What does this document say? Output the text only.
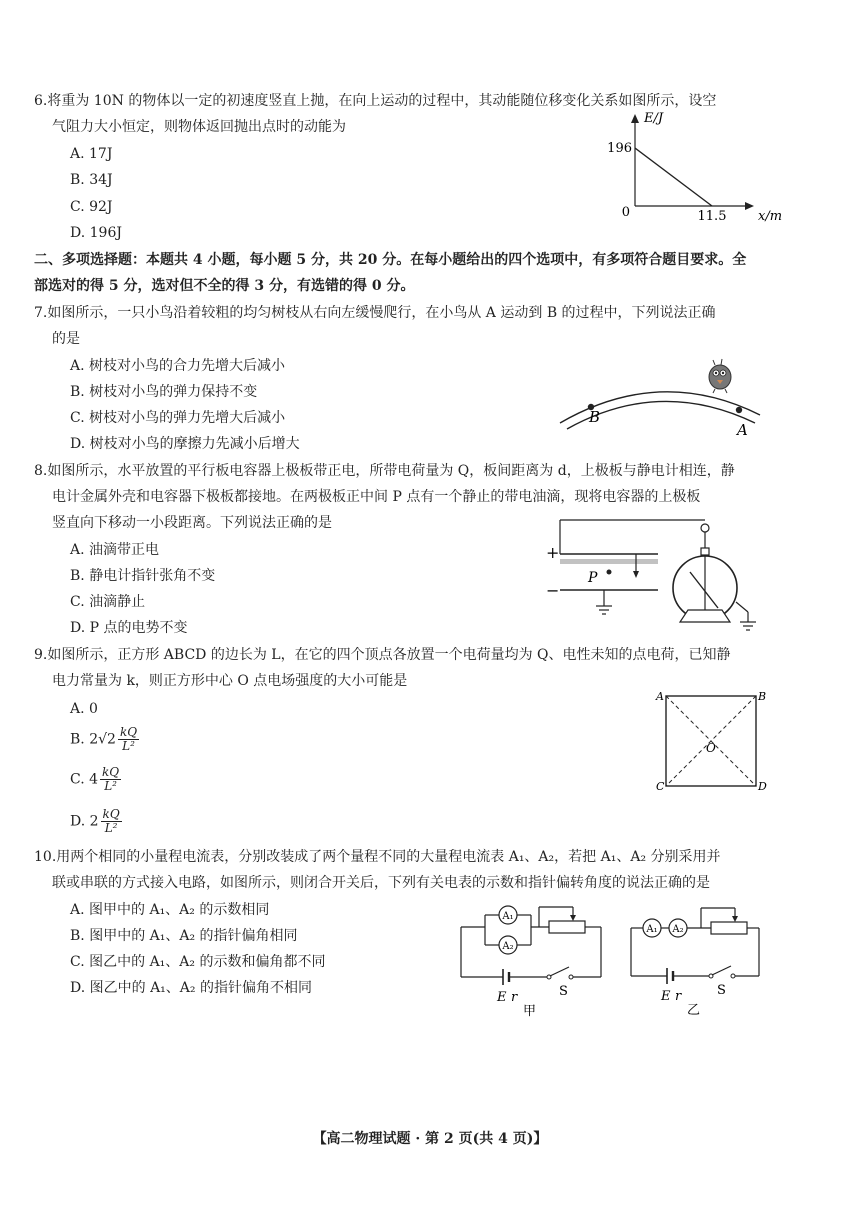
6.将重为 10N 的物体以一定的初速度竖直上抛，在向上运动的过程中，其动能随位移变化关系如图所示，设空
气阻力大小恒定，则物体返回抛出点时的动能为
A. 17J
B. 34J
C. 92J
D. 196J
E/J
196
0	11.5 x/m
二、多项选择题：本题共 4 小题，每小题 5 分，共 20 分。在每小题给出的四个选项中，有多项符合题目要求。全
部选对的得 5 分，选对但不全的得 3 分，有选错的得 0 分。
7.如图所示，一只小鸟沿着较粗的均匀树枝从右向左缓慢爬行，在小鸟从 A 运动到 B 的过程中，下列说法正确
的是
A. 树枝对小鸟的合力先增大后减小
B. 树枝对小鸟的弹力保持不变
C. 树枝对小鸟的弹力先增大后减小
D. 树枝对小鸟的摩擦力先减小后增大
B
A
8.如图所示，水平放置的平行板电容器上极板带正电，所带电荷量为 Q，板间距离为 d，上极板与静电计相连，静
电计金属外壳和电容器下极板都接地。在两极板正中间 P 点有一个静止的带电油滴，现将电容器的上极板
竖直向下移动一小段距离。下列说法正确的是
A. 油滴带正电
B. 静电计指针张角不变
C. 油滴静止
D. P 点的电势不变
+
−
P
9.如图所示，正方形 ABCD 的边长为 L，在它的四个顶点各放置一个电荷量均为 Q、电性未知的点电荷，已知静
电力常量为 k，则正方形中心 O 点电场强度的大小可能是
A. 0
B. $2√2 \frac{kQ}{\text{L²}}$
C. $4 \frac{kQ}{\text{L²}}$
D. $2 \frac{kQ}{\text{L²}}$
A	B
C	D
O
10.用两个相同的小量程电流表，分别改装成了两个量程不同的大量程电流表 A₁、A₂，若把 A₁、A₂ 分别采用并
联或串联的方式接入电路，如图所示，则闭合开关后，下列有关电表的示数和指针偏转角度的说法正确的是
A. 图甲中的 A₁、A₂ 的示数相同
B. 图甲中的 A₁、A₂ 的指针偏角相同
C. 图乙中的 A₁、A₂ 的示数和偏角都不同
D. 图乙中的 A₁、A₂ 的指针偏角不相同
A₁
A₂
E r	S
甲
A₁ A₂
E r	S
乙
【高二物理试题 · 第 2 页(共 4 页)】
